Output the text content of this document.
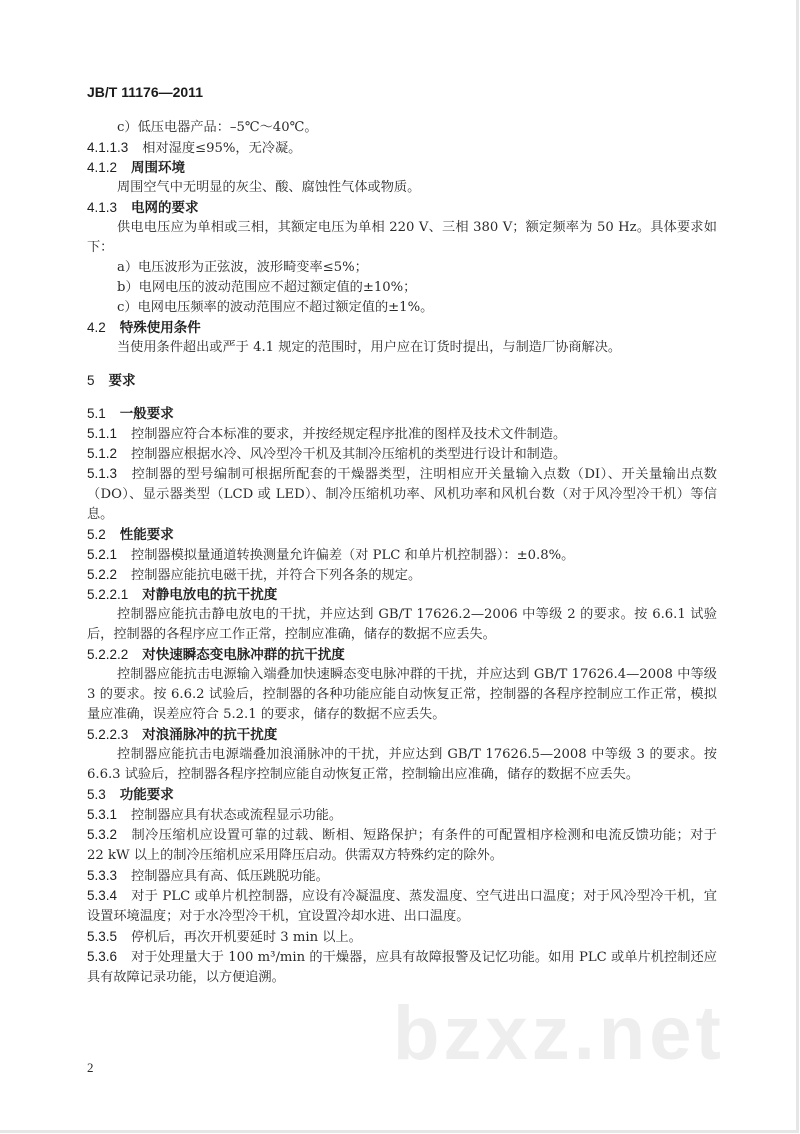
JB/T 11176—2011
c）低压电器产品：–5℃～40℃。
4.1.1.3 相对湿度≤95%，无冷凝。
4.1.2 周围环境
周围空气中无明显的灰尘、酸、腐蚀性气体或物质。
4.1.3 电网的要求
供电电压应为单相或三相，其额定电压为单相 220 V、三相 380 V；额定频率为 50 Hz。具体要求如下：
a）电压波形为正弦波，波形畸变率≤5%；
b）电网电压的波动范围应不超过额定值的±10%；
c）电网电压频率的波动范围应不超过额定值的±1%。
4.2 特殊使用条件
当使用条件超出或严于 4.1 规定的范围时，用户应在订货时提出，与制造厂协商解决。
5 要求
5.1 一般要求
5.1.1 控制器应符合本标准的要求，并按经规定程序批准的图样及技术文件制造。
5.1.2 控制器应根据水冷、风冷型冷干机及其制冷压缩机的类型进行设计和制造。
5.1.3 控制器的型号编制可根据所配套的干燥器类型，注明相应开关量输入点数（DI）、开关量输出点数（DO）、显示器类型（LCD 或 LED）、制冷压缩机功率、风机功率和风机台数（对于风冷型冷干机）等信息。
5.2 性能要求
5.2.1 控制器模拟量通道转换测量允许偏差（对 PLC 和单片机控制器）：±0.8%。
5.2.2 控制器应能抗电磁干扰，并符合下列各条的规定。
5.2.2.1 对静电放电的抗干扰度
控制器应能抗击静电放电的干扰，并应达到 GB/T 17626.2—2006 中等级 2 的要求。按 6.6.1 试验后，控制器的各程序应工作正常，控制应准确，储存的数据不应丢失。
5.2.2.2 对快速瞬态变电脉冲群的抗干扰度
控制器应能抗击电源输入端叠加快速瞬态变电脉冲群的干扰，并应达到 GB/T 17626.4—2008 中等级 3 的要求。按 6.6.2 试验后，控制器的各种功能应能自动恢复正常，控制器的各程序控制应工作正常，模拟量应准确，误差应符合 5.2.1 的要求，储存的数据不应丢失。
5.2.2.3 对浪涌脉冲的抗干扰度
控制器应能抗击电源端叠加浪涌脉冲的干扰，并应达到 GB/T 17626.5—2008 中等级 3 的要求。按 6.6.3 试验后，控制器各程序控制应能自动恢复正常，控制输出应准确，储存的数据不应丢失。
5.3 功能要求
5.3.1 控制器应具有状态或流程显示功能。
5.3.2 制冷压缩机应设置可靠的过载、断相、短路保护；有条件的可配置相序检测和电流反馈功能；对于 22 kW 以上的制冷压缩机应采用降压启动。供需双方特殊约定的除外。
5.3.3 控制器应具有高、低压跳脱功能。
5.3.4 对于 PLC 或单片机控制器，应设有冷凝温度、蒸发温度、空气进出口温度；对于风冷型冷干机，宜设置环境温度；对于水冷型冷干机，宜设置冷却水进、出口温度。
5.3.5 停机后，再次开机要延时 3 min 以上。
5.3.6 对于处理量大于 100 m³/min 的干燥器，应具有故障报警及记忆功能。如用 PLC 或单片机控制还应具有故障记录功能，以方便追溯。
bzxz.net
2
